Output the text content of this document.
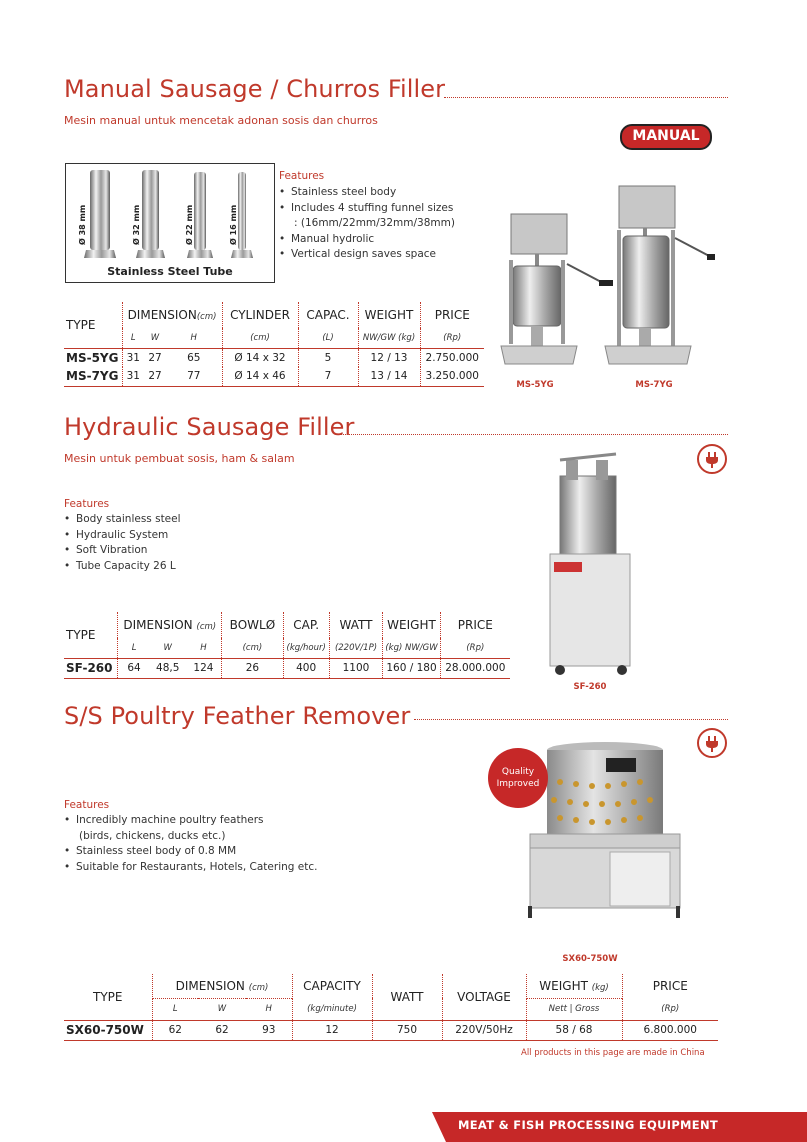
Manual Sausage / Churros Filler
Mesin manual untuk mencetak adonan sosis dan churros
MANUAL
Ø 38 mm	Ø 32 mm	Ø 22 mm	Ø 16 mm
Stainless Steel Tube
Features
• Stainless steel body
• Includes 4 stuffing funnel sizes
: (16mm/22mm/32mm/38mm)
• Manual hydrolic
• Vertical design saves space
MS-5YG	MS-7YG
TYPE	DIMENSION(cm)			CYLINDER	CAPAC.	WEIGHT	PRICE
	L	W	H	(cm)	(L)	NW/GW (kg)	(Rp)
MS-5YG	31	27	65	Ø 14 x 32	5	12 / 13	2.750.000
MS-7YG	31	27	77	Ø 14 x 46	7	13 / 14	3.250.000
Hydraulic Sausage Filler
Mesin untuk pembuat sosis, ham & salam
Features
• Body stainless steel
• Hydraulic System
• Soft Vibration
• Tube Capacity 26 L
SF-260
TYPE	DIMENSION (cm)			BOWLØ	CAP.	WATT	WEIGHT	PRICE
	L	W	H	(cm)	(kg/hour)	(220V/1P)	(kg) NW/GW	(Rp)
SF-260	64	48,5	124	26	400	1100	160 / 180	28.000.000
S/S Poultry Feather Remover
Features
• Incredibly machine poultry feathers
(birds, chickens, ducks etc.)
• Stainless steel body of 0.8 MM
• Suitable for Restaurants, Hotels, Catering etc.
Quality
Improved
SX60-750W
TYPE	DIMENSION (cm)			CAPACITY	WATT	VOLTAGE	WEIGHT (kg)	PRICE
	L	W	H	(kg/minute)			Nett | Gross	(Rp)
SX60-750W	62	62	93	12	750	220V/50Hz	58 / 68	6.800.000
All products in this page are made in China
MEAT & FISH PROCESSING EQUIPMENT
